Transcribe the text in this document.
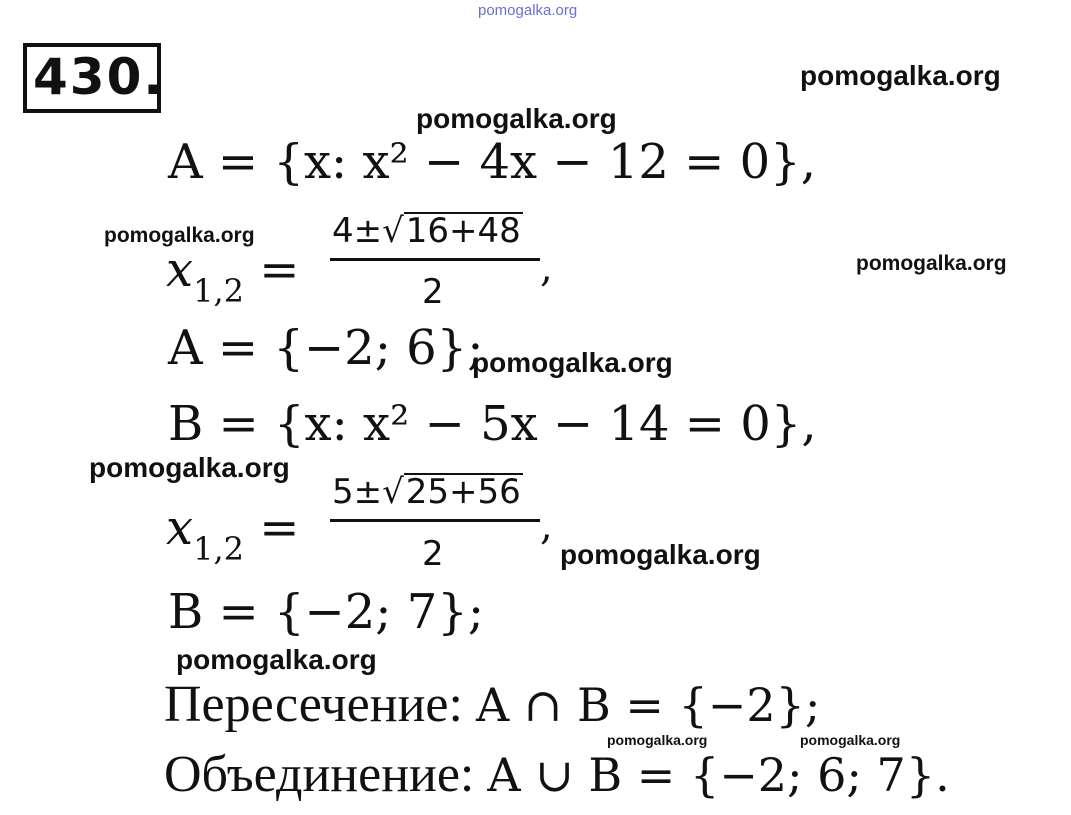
pomogalka.org
pomogalka.org
pomogalka.org
pomogalka.org
pomogalka.org
pomogalka.org
pomogalka.org
pomogalka.org
pomogalka.org
pomogalka.org	pomogalka.org
430.
A = {x: x² − 4x − 12 = 0},
$x_{1,2}$ =
4±√16+48
2
,
A = {−2; 6};
B = {x: x² − 5x − 14 = 0},
$x_{1,2}$ =
5±√25+56
2
,
B = {−2; 7};
Пересечение: A ∩ B = {−2};
Объединение: A ∪ B = {−2; 6; 7}.
